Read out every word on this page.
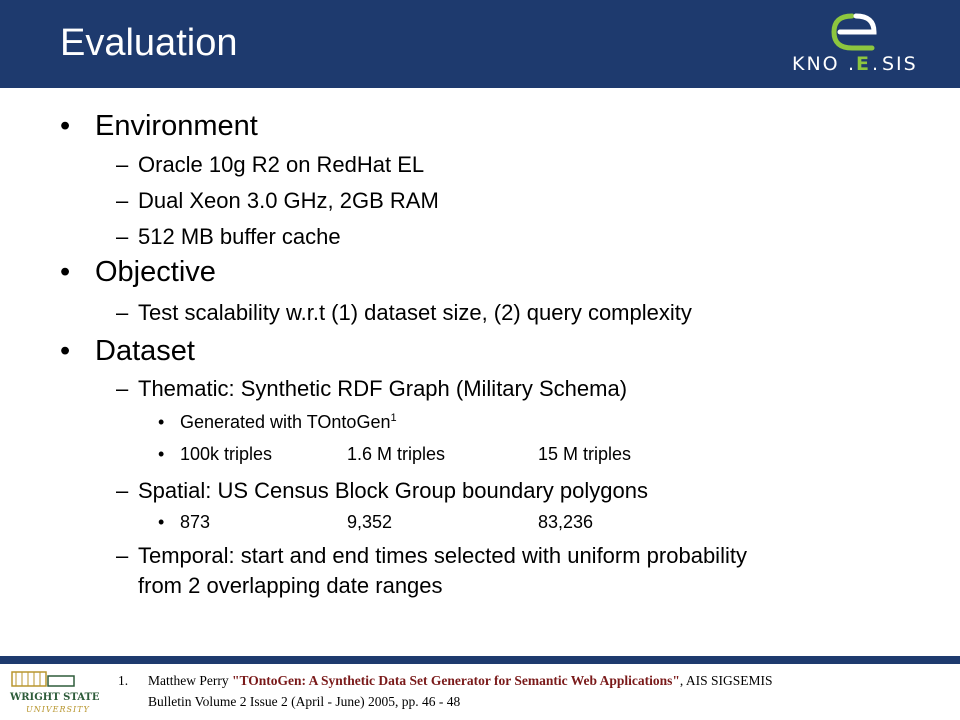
Evaluation	KNO . E . SIS
• Environment
– Oracle 10g R2 on RedHat EL
– Dual Xeon 3.0 GHz, 2GB RAM
– 512 MB buffer cache
• Objective
– Test scalability w.r.t (1) dataset size, (2) query complexity
• Dataset
– Thematic: Synthetic RDF Graph (Military Schema)
• Generated with TOntoGen$^1$
• 100k triples	1.6 M triples	15 M triples
– Spatial: US Census Block Group boundary polygons
• 873	9,352	83,236
– Temporal: start and end times selected with uniform probability
from 2 overlapping date ranges
WRIGHT STATE
UNIVERSITY
1. Matthew Perry "TOntoGen: A Synthetic Data Set Generator for Semantic Web Applications", AIS SIGSEMIS
Bulletin Volume 2 Issue 2 (April - June) 2005, pp. 46 - 48
